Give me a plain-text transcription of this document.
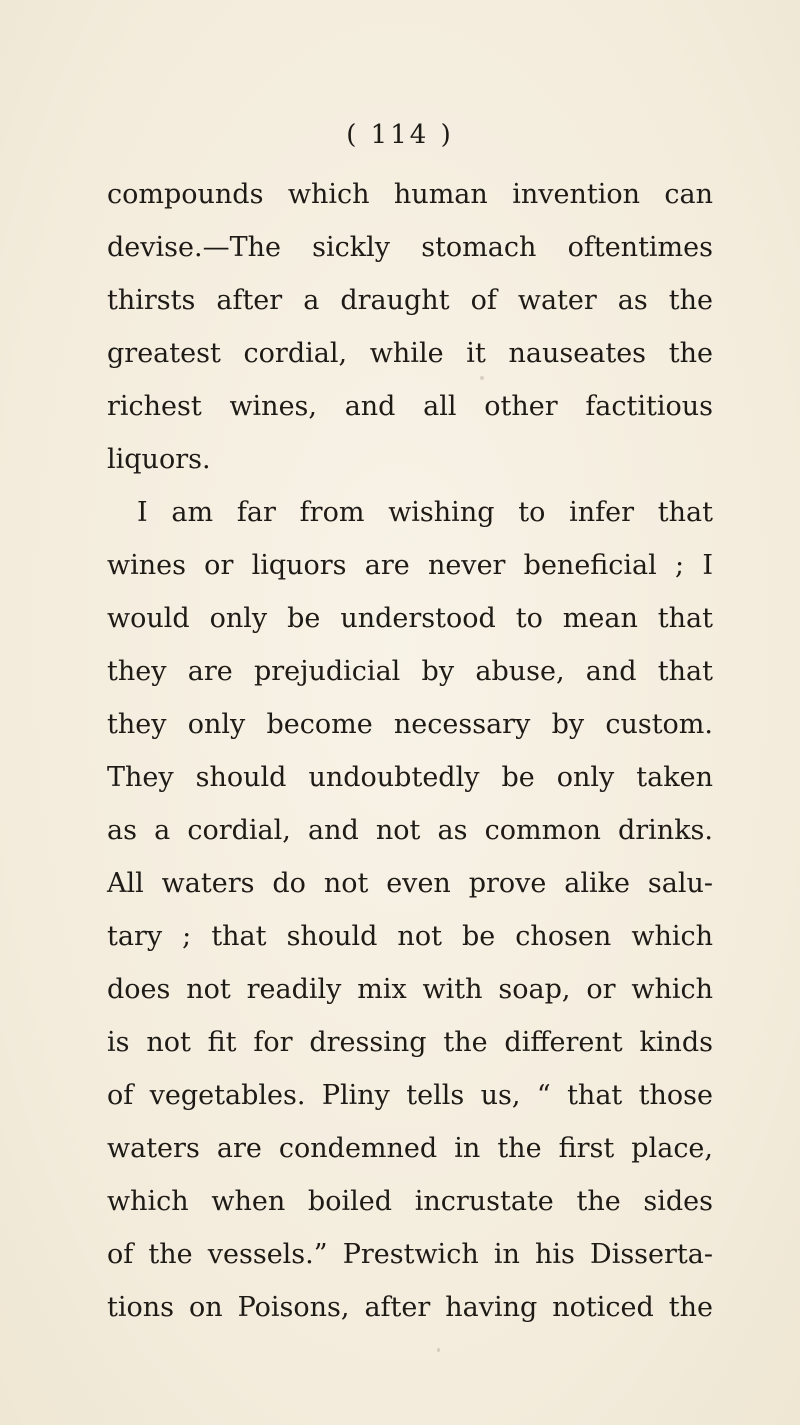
( 114 )
compounds which human invention can
devise.—The sickly stomach oftentimes
thirsts after a draught of water as the
greatest cordial, while it nauseates the
richest wines, and all other factitious
liquors.
I am far from wishing to infer that
wines or liquors are never beneficial ; I
would only be understood to mean that
they are prejudicial by abuse, and that
they only become necessary by custom.
They should undoubtedly be only taken
as a cordial, and not as common drinks.
All waters do not even prove alike salu-
tary ; that should not be chosen which
does not readily mix with soap, or which
is not fit for dressing the different kinds
of vegetables. Pliny tells us, “ that those
waters are condemned in the first place,
which when boiled incrustate the sides
of the vessels.” Prestwich in his Disserta-
tions on Poisons, after having noticed the
